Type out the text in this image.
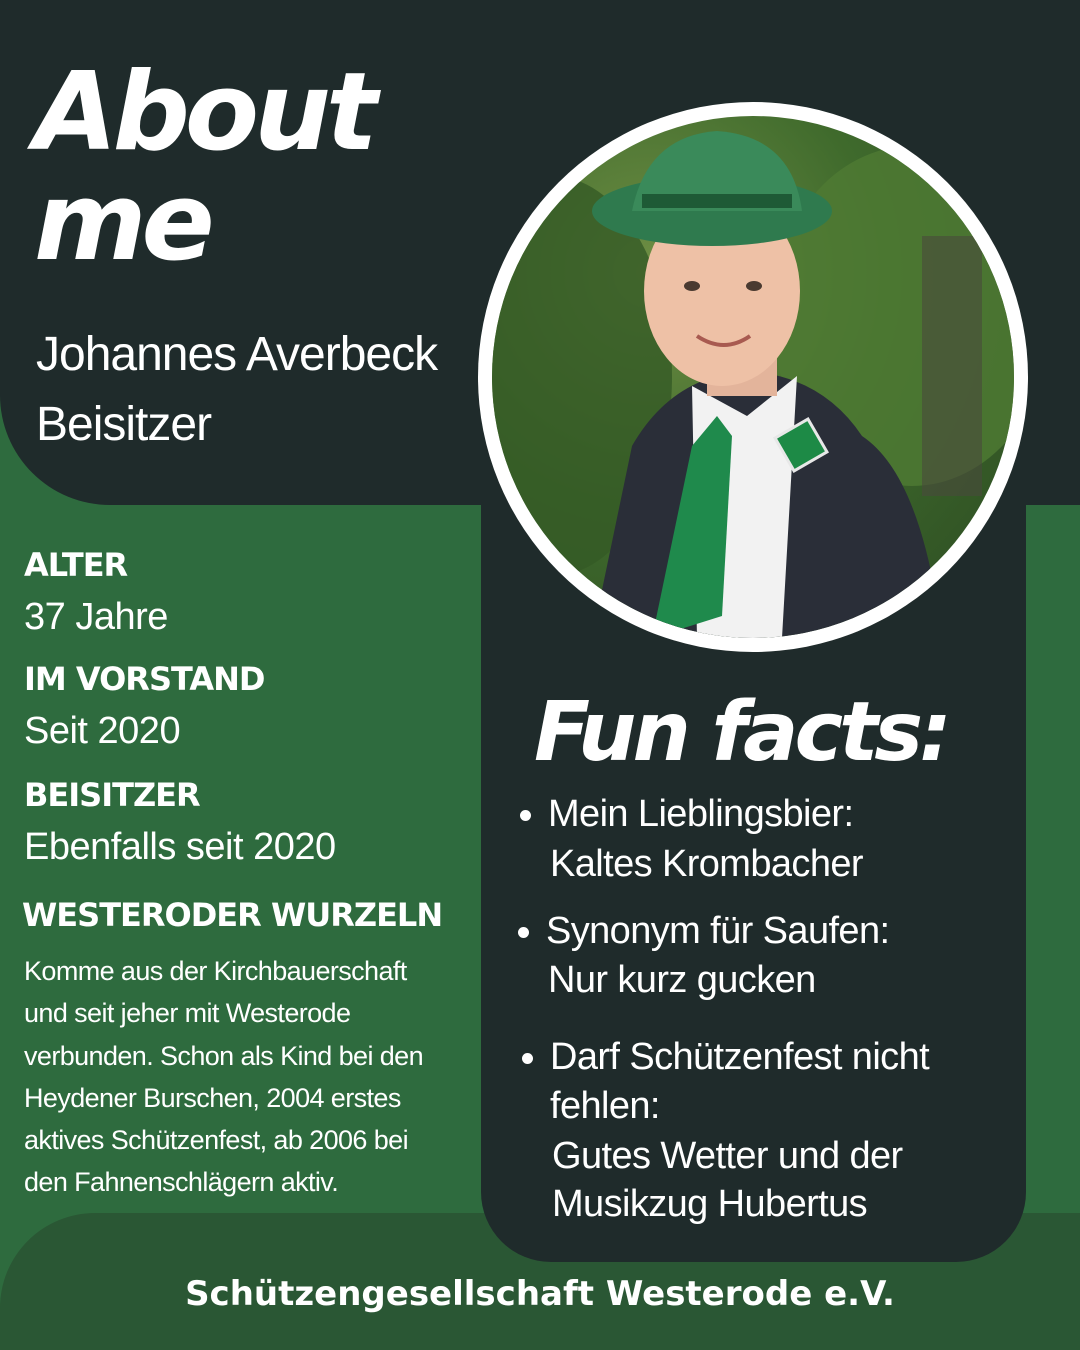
About
me
Johannes Averbeck
Beisitzer
ALTER
37 Jahre
IM VORSTAND
Seit 2020
BEISITZER
Ebenfalls seit 2020
WESTERODER WURZELN
Komme aus der Kirchbauerschaft
und seit jeher mit Westerode
verbunden. Schon als Kind bei den
Heydener Burschen, 2004 erstes
aktives Schützenfest, ab 2006 bei
den Fahnenschlägern aktiv.
Fun facts:
Mein Lieblingsbier:
Kaltes Krombacher
Synonym für Saufen:
Nur kurz gucken
Darf Schützenfest nicht
fehlen:
Gutes Wetter und der
Musikzug Hubertus
Schützengesellschaft Westerode e.V.
